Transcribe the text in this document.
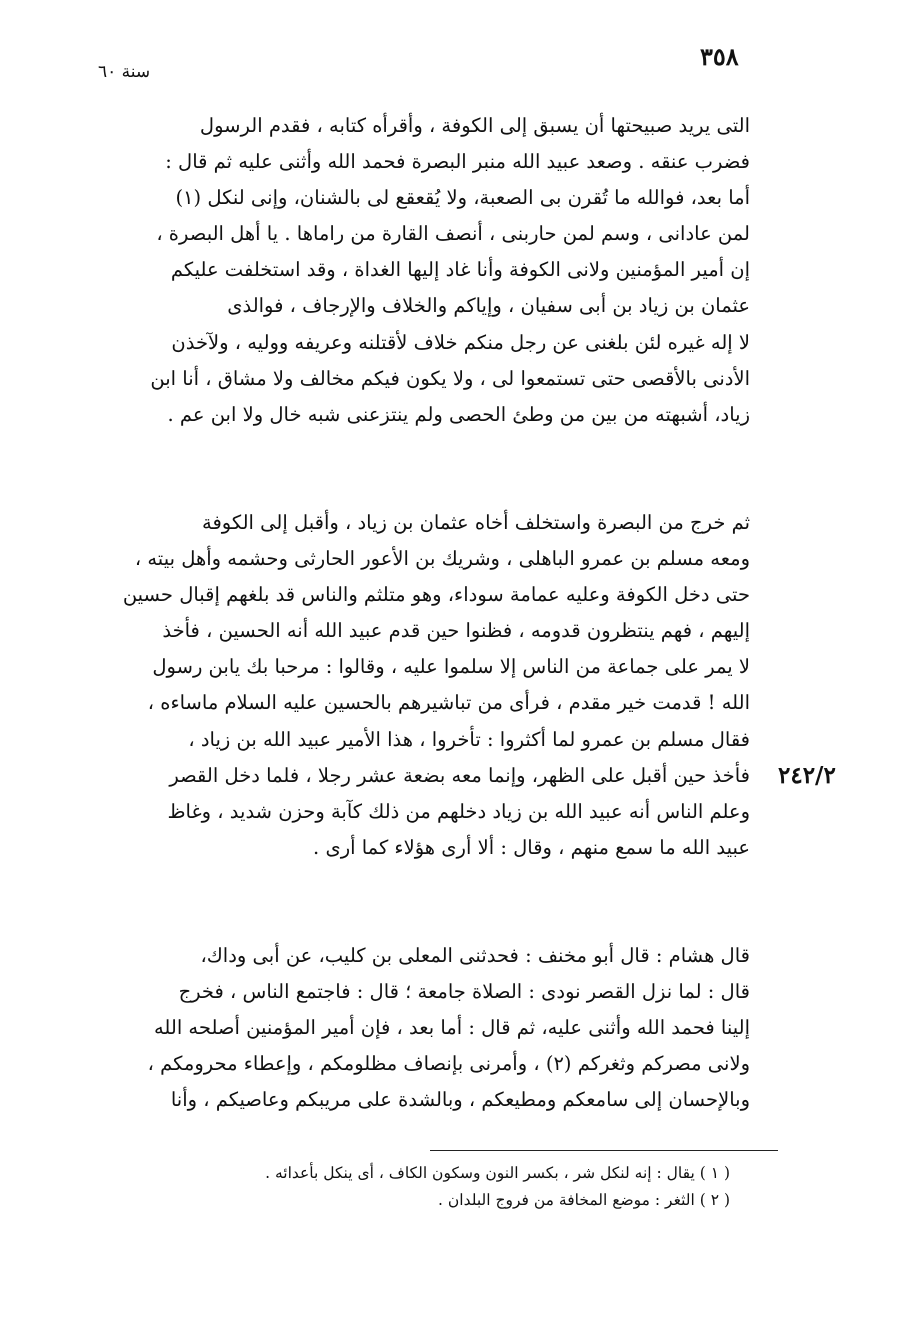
٣٥٨
سنة ٦٠
التى يريد صبيحتها أن يسبق إلى الكوفة ، وأقرأه كتابه ، فقدم الرسول
فضرب عنقه . وصعد عبيد الله منبر البصرة فحمد الله وأثنى عليه ثم قال :
أما بعد، فوالله ما تُقرن بى الصعبة، ولا يُقعقع لى بالشنان، وإنى لنكل (١)
لمن عادانى ، وسم لمن حاربنى ، أنصف القارة من راماها . يا أهل البصرة ،
إن أمير المؤمنين ولانى الكوفة وأنا غاد إليها الغداة ، وقد استخلفت عليكم
عثمان بن زياد بن أبى سفيان ، وإياكم والخلاف والإرجاف ، فوالذى
لا إله غيره لئن بلغنى عن رجل منكم خلاف لأقتلنه وعريفه ووليه ، ولآخذن
الأدنى بالأقصى حتى تستمعوا لى ، ولا يكون فيكم مخالف ولا مشاق ، أنا ابن
زياد، أشبهته من بين من وطئ الحصى ولم ينتزعنى شبه خال ولا ابن عم .
ثم خرج من البصرة واستخلف أخاه عثمان بن زياد ، وأقبل إلى الكوفة
ومعه مسلم بن عمرو الباهلى ، وشريك بن الأعور الحارثى وحشمه وأهل بيته ،
حتى دخل الكوفة وعليه عمامة سوداء، وهو متلثم والناس قد بلغهم إقبال حسين
إليهم ، فهم ينتظرون قدومه ، فظنوا حين قدم عبيد الله أنه الحسين ، فأخذ
لا يمر على جماعة من الناس إلا سلموا عليه ، وقالوا : مرحبا بك يابن رسول
الله ! قدمت خير مقدم ، فرأى من تباشيرهم بالحسين عليه السلام ماساءه ،
فقال مسلم بن عمرو لما أكثروا : تأخروا ، هذا الأمير عبيد الله بن زياد ،
فأخذ حين أقبل على الظهر، وإنما معه بضعة عشر رجلا ، فلما دخل القصر
وعلم الناس أنه عبيد الله بن زياد دخلهم من ذلك كآبة وحزن شديد ، وغاظ
عبيد الله ما سمع منهم ، وقال : ألا أرى هؤلاء كما أرى .
٢٤٢/٢
قال هشام : قال أبو مخنف : فحدثنى المعلى بن كليب، عن أبى وداك،
قال : لما نزل القصر نودى : الصلاة جامعة ؛ قال : فاجتمع الناس ، فخرج
إلينا فحمد الله وأثنى عليه، ثم قال : أما بعد ، فإن أمير المؤمنين أصلحه الله
ولانى مصركم وثغركم (٢) ، وأمرنى بإنصاف مظلومكم ، وإعطاء محرومكم ،
وبالإحسان إلى سامعكم ومطيعكم ، وبالشدة على مريبكم وعاصيكم ، وأنا
( ١ ) يقال : إنه لنكل شر ، بكسر النون وسكون الكاف ، أى ينكل بأعدائه .
( ٢ ) الثغر : موضع المخافة من فروج البلدان .
